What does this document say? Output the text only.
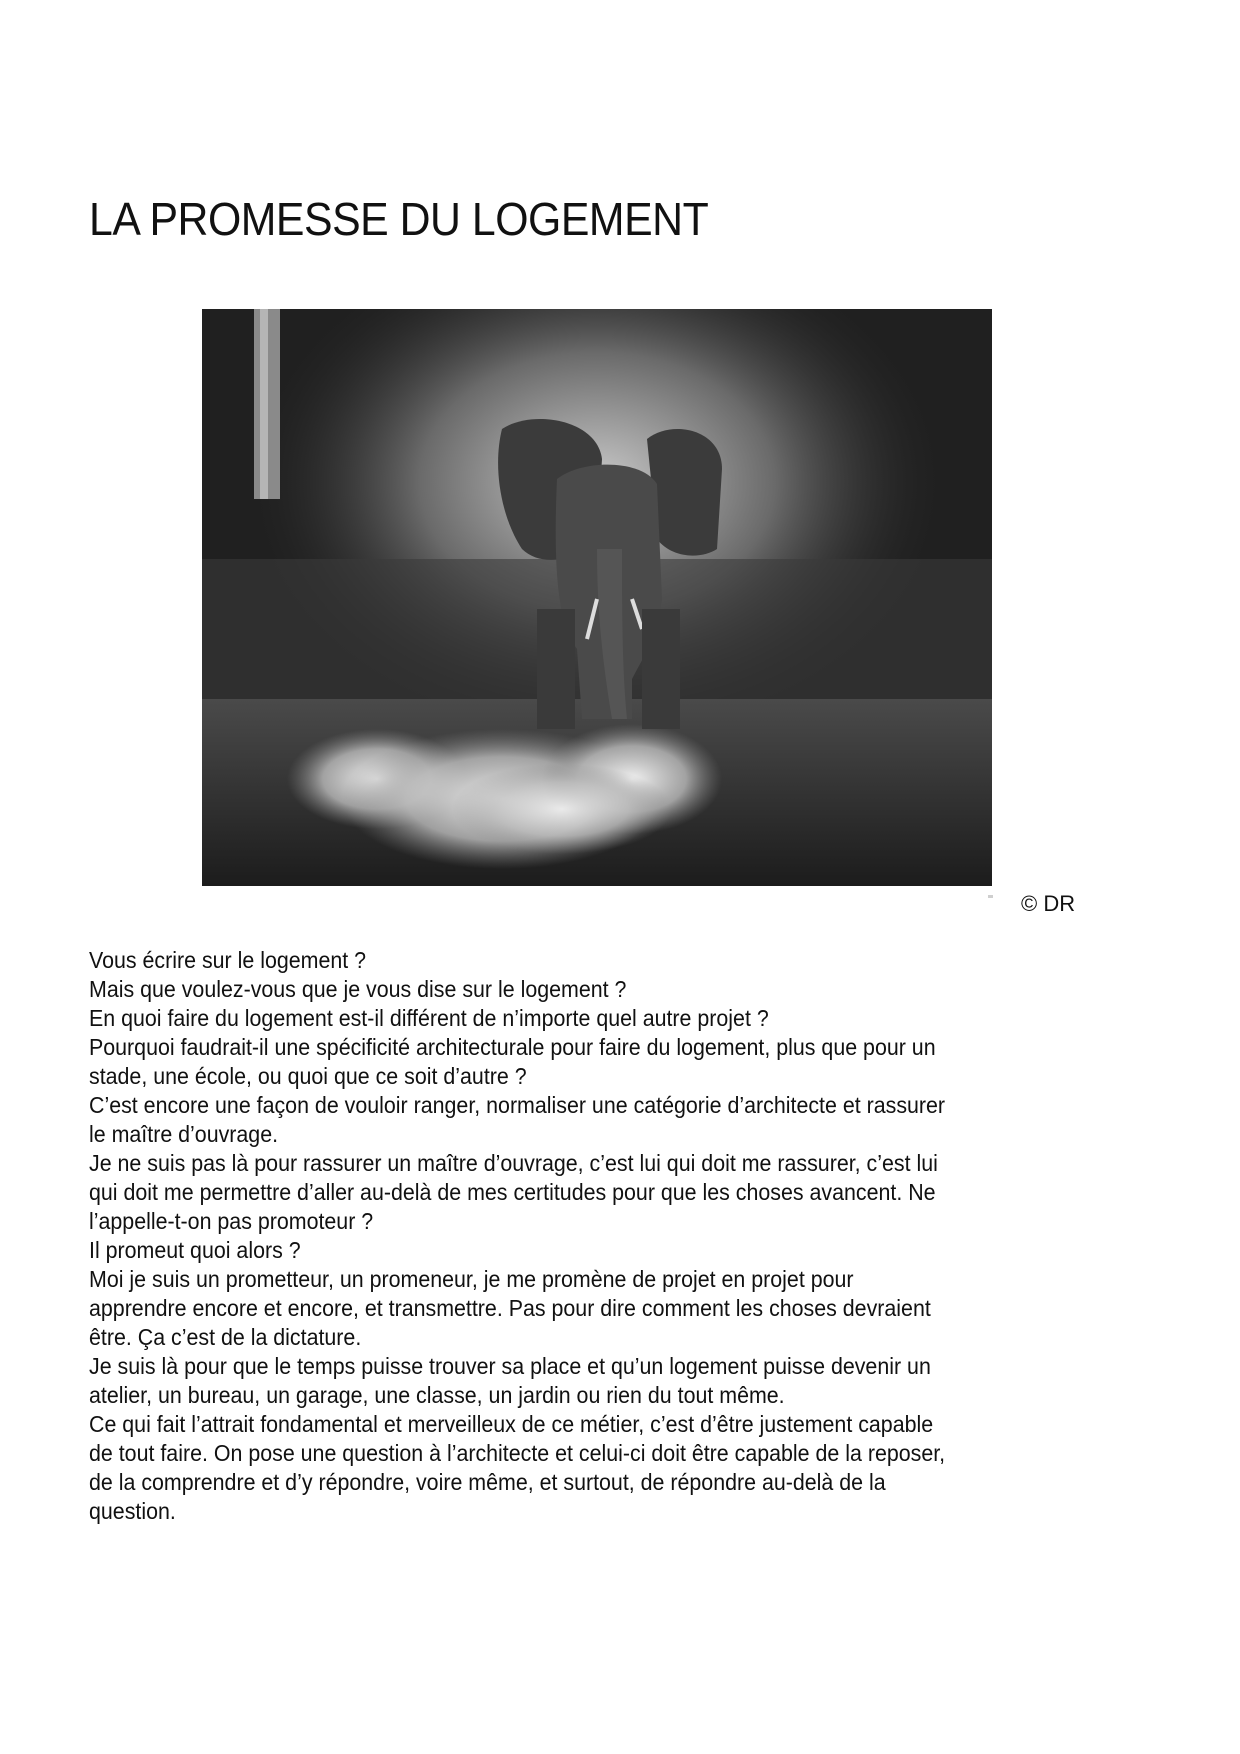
LA PROMESSE DU LOGEMENT
© DR
Vous écrire sur le logement ?
Mais que voulez-vous que je vous dise sur le logement ?
En quoi faire du logement est-il différent de n’importe quel autre projet ?
Pourquoi faudrait-il une spécificité architecturale pour faire du logement, plus que pour un
stade, une école, ou quoi que ce soit d’autre ?
C’est encore une façon de vouloir ranger, normaliser une catégorie d’architecte et rassurer
le maître d’ouvrage.
Je ne suis pas là pour rassurer un maître d’ouvrage, c’est lui qui doit me rassurer, c’est lui
qui doit me permettre d’aller au-delà de mes certitudes pour que les choses avancent. Ne
l’appelle-t-on pas promoteur ?
Il promeut quoi alors ?
Moi je suis un prometteur, un promeneur, je me promène de projet en projet pour
apprendre encore et encore, et transmettre. Pas pour dire comment les choses devraient
être. Ça c’est de la dictature.
Je suis là pour que le temps puisse trouver sa place et qu’un logement puisse devenir un
atelier, un bureau, un garage, une classe, un jardin ou rien du tout même.
Ce qui fait l’attrait fondamental et merveilleux de ce métier, c’est d’être justement capable
de tout faire. On pose une question à l’architecte et celui-ci doit être capable de la reposer,
de la comprendre et d’y répondre, voire même, et surtout, de répondre au-delà de la
question.
